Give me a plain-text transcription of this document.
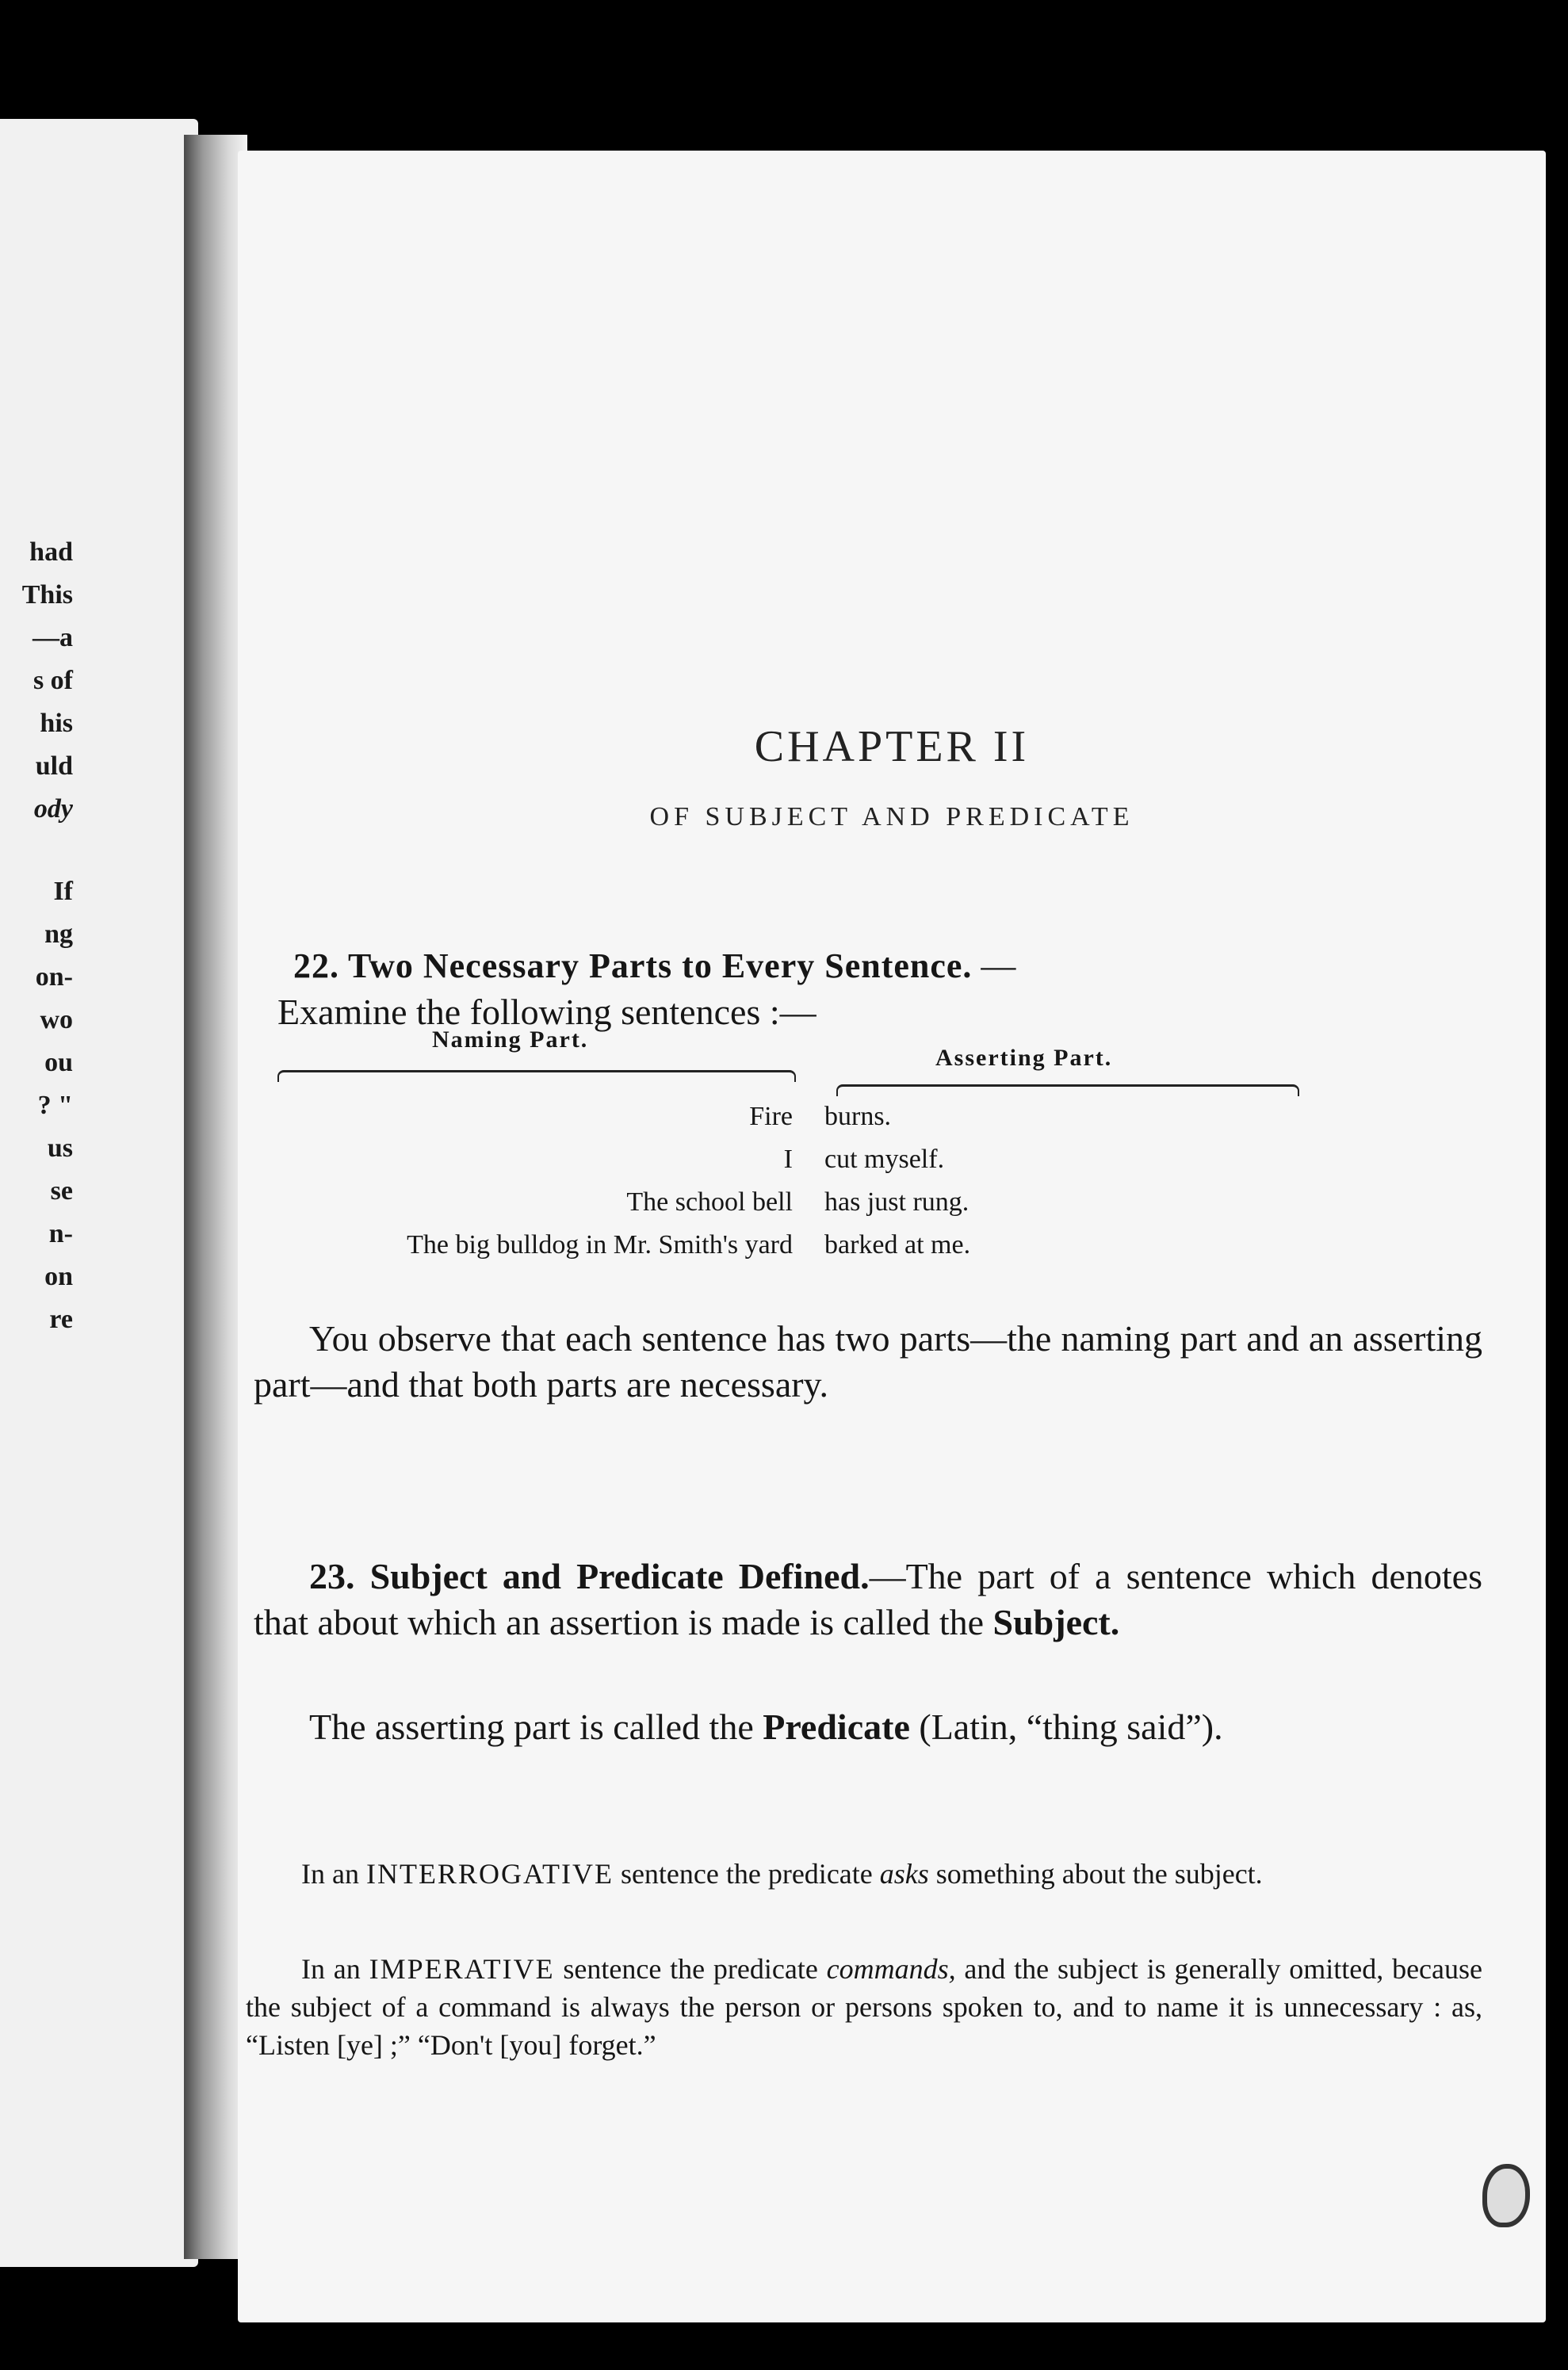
had
This
—a
s of
his
uld
ody
If
ng
on-
wo
ou
? "
us
se
n-
on
re
CHAPTER II
OF SUBJECT AND PREDICATE
22. Two Necessary Parts to Every Sentence. —
Examine the following sentences :—
Naming Part.
Asserting Part.
Fire burns.
I cut myself.
The school bell has just rung.
The big bulldog in Mr. Smith's yard barked at me.
You observe that each sentence has two parts—the naming part and an asserting part—and that both parts are necessary.
23. Subject and Predicate Defined.—The part of a sentence which denotes that about which an assertion is made is called the Subject.
The asserting part is called the Predicate (Latin, “thing said”).
In an INTERROGATIVE sentence the predicate asks something about the subject.
In an IMPERATIVE sentence the predicate commands, and the subject is generally omitted, because the subject of a command is always the person or persons spoken to, and to name it is unnecessary : as, “Listen [ye] ;” “Don't [you] forget.”
